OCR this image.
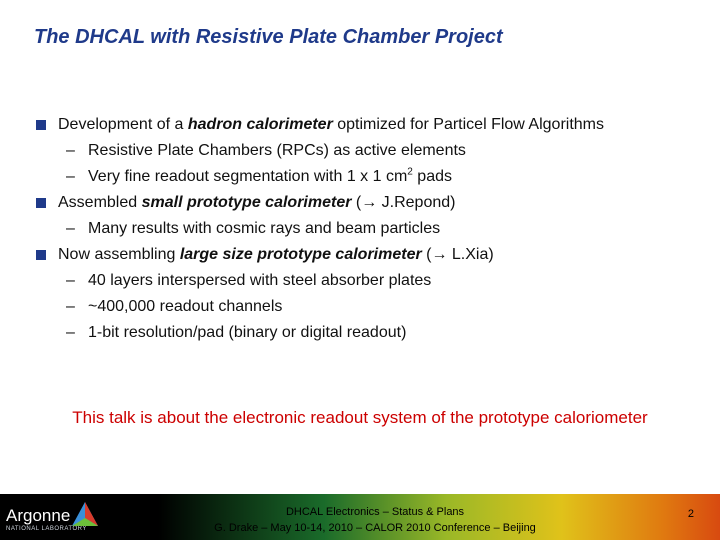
The DHCAL with Resistive Plate Chamber Project
Development of a hadron calorimeter optimized for Particel Flow Algorithms
– Resistive Plate Chambers (RPCs) as active elements
– Very fine readout segmentation with 1 x 1 $cm^2$ pads
Assembled small prototype calorimeter (→ J.Repond)
– Many results with cosmic rays and beam particles
Now assembling large size prototype calorimeter (→ L.Xia)
– 40 layers interspersed with steel absorber plates
– ~400,000 readout channels
– 1-bit resolution/pad (binary or digital readout)
This talk is about the electronic readout system of the prototype caloriometer
Argonne
NATIONAL LABORATORY
DHCAL Electronics – Status & Plans
G. Drake – May 10-14, 2010 – CALOR 2010 Conference – Beijing
2
